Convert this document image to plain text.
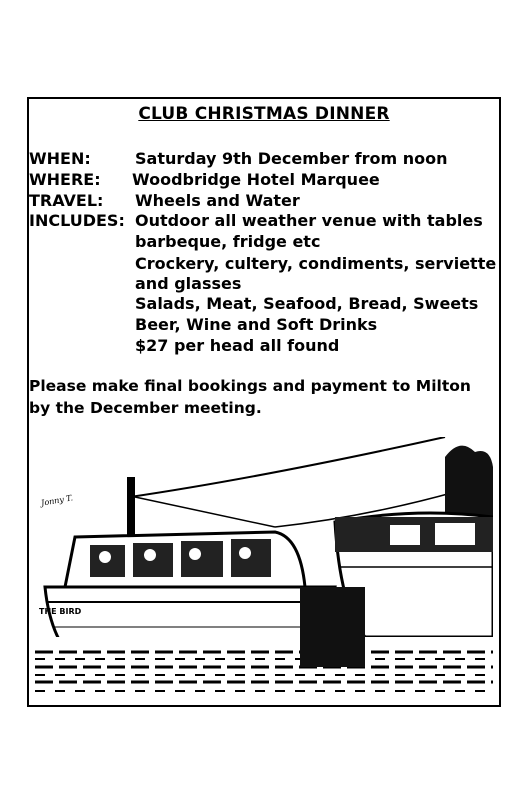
CLUB CHRISTMAS DINNER
WHEN:	Saturday 9th December from noon
WHERE: Woodbridge Hotel Marquee
TRAVEL: Wheels and Water
INCLUDES: Outdoor all weather venue with tables
barbeque, fridge etc
Crockery, cultery, condiments, serviette
and glasses
Salads, Meat, Seafood, Bread, Sweets
Beer, Wine and Soft Drinks
$27 per head all found
Please make final bookings and payment to Milton
by the December meeting.
THE BIRD
Jonny T.
